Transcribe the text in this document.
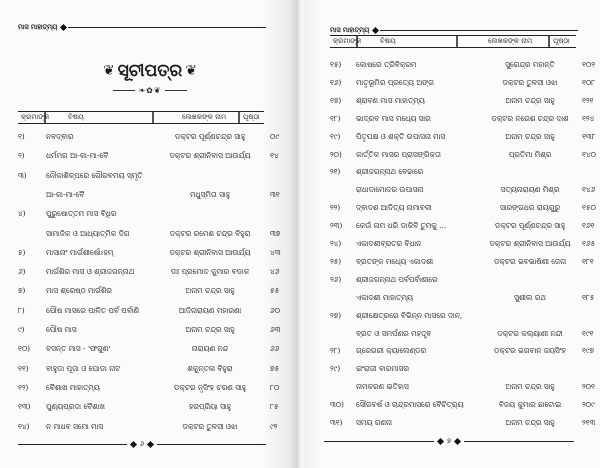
ମାସ ମାହାତ୍ମ୍ୟ
❦ ସୂଚୀପତ୍ର ❦
❧✿❦
କ୍ରମାଙ୍କ	ବିଷୟ	ଲେଖକଙ୍କ ନାମ	ପୃଷ୍ଠା
୧)	ନବଦ୍ଵାର	ଡକ୍ଟର ପୂର୍ଣ୍ଣଚନ୍ଦ୍ର ସାହୁ	୦୯
୨)	ଧର୍ମମର ଆ-କା-ମା-ବୈ	ଡକ୍ଟର ଶ୍ରୀନିବାସ ଆଉର୍ଯ୍ୟ	୧୪
୩)	ନୌକାଶିଳ୍ପରେ ଗୌରବମୟ ସ୍ମୃତି
ଆ-କା-ମା-ବୈ	ମଧୁସ୍ମିତା ସାହୁ	୩୧
୪)	ପୁରୁଷୋତ୍ତମ ମାସ ବିଧିର
ସାମାଜିକ ଓ ଆଧ୍ୟାତ୍ମିକ ଦିଗ	ଡକ୍ଟର ରମେଶ ଚନ୍ଦ୍ର ବିହୁରା	୩୭
୫)	ମାସାନାଂ ମାର୍ଗଶୀର୍ଷୋଽହମ୍	ଡକ୍ଟର ଶ୍ରୀନିବାସ ଆଉର୍ଯ୍ୟ	୪୩
୬)	ମାର୍ଗଶିର ମାସ ଓ ଶ୍ରୀଜଗନ୍ନାଥ	ଡଃ ପ୍ରମୋଦ କୁମାର ବଡାଳ	୪୬
୭)	ମାସ ଶ୍ରେଷ୍ଠ ମାର୍ଗଶିର	ଅନାମ ଚନ୍ଦ୍ର ସାହୁ	୫୫
୮)	ପୌଷ ମାସରେ ପାଳିତ ପର୍ବ ପର୍ବାଣି	ଆଦିନାରାୟଣ ମହାରଣା	୬୦
୯)	ପୌଷ ମାସ	ଅନାମ ଚନ୍ଦ୍ର ସାହୁ	୬୩
୧୦) ବସନ୍ତ ମାସ - 'ଫଗୁଣ'	ନାରାୟଣ ନନ୍ଦ	୬୬
୧୧) ବାହୁଡା ପୂଜା ଓ ଘୋଡା ନାଟ	ଶକୁନ୍ତଳା ବିହୁରା	୭୫
୧୨) ବୈଶାଖ ମାହାତ୍ମ୍ୟ	ଡକ୍ଟର ନୃସିଂହ ଚରଣ ସାହୁ	୮୦
୧୩) ପୁଣ୍ୟପ୍ରଦା ବୈଶାଖ	ହରପ୍ରିୟା ସାହୁ	୮୫
୧୪) ନ ମାଧବ ସମୋ ମାସ	ଡକ୍ଟର ତୁଳସୀ ଓଝା	୯୨
୬
ମାସ ମାହାତ୍ମ୍ୟ
କ୍ରମାଙ୍କ	ବିଷୟ	ଲେଖକଙ୍କ ନାମ	ପୃଷ୍ଠା
୧୫) କୋଷରେ ତ୍ରିବିକ୍ରମ	ସୁରେନ୍ଦ୍ର ମହାନ୍ତି	୧୦୨
୧୬) ମାତୃଭୂମିର ପ୍ରତ୍ୟେ ଅଙ୍ଗ	ଡକ୍ଟର ତୁଳସୀ ଓଝା	୧୦୮
୧୭) ଶ୍ରାବଣ ମାସ ମାହାତ୍ମ୍ୟ	ଅନାମ ଚନ୍ଦ୍ର ସାହୁ	୧୨୧
୧୮) ଭାଦ୍ରବ ମାସ ମଧ୍ୟେ ସାର	ଡକ୍ଟର ନରେଶ ଚନ୍ଦ୍ର ଦାଶ	୧୨୪
୧୯) ପିତୃପକ୍ଷ ଓ ଶକ୍ତି ଉପାସନା ମାସ	ଅନାମ ଚନ୍ଦ୍ର ସାହୁ	୧୩୮
୨୦) କାର୍ତ୍ତିକ ମାସର ପ୍ରାସଙ୍ଗିକତା	ପ୍ରତିମା ମିଶ୍ର	୧୪୦
୨୧) ଶ୍ରୀଜଗନ୍ନାଥ ବେଢାରେ
ରାଧାଦାମୋଦର ଉପାସନା	ସତ୍ୟନାରାୟଣ ମିଶ୍ର	୧୪୬
୨୨) ଦ୍ଵାଦଶ ଆଦିତ୍ୟ ନାମାବଳୀ	ସାରଙ୍ଗଧର ରାୟଗୁରୁ	୧୫୦
୨୩) କେଉଁ ନାମ ଧରି ଡାକିବି ତୁମକୁ ...	ଡକ୍ଟର ପୂର୍ଣ୍ଣଚନ୍ଦ୍ର ସାହୁ	୧୬୧
୨୪) ଏକାଦଶୀବ୍ରତର ବିଧାନ	ଡକ୍ଟର ଶ୍ରୀନିବାସ ଆଉର୍ଯ୍ୟ	୧୬୫
୨୫) ବ୍ରତଙ୍କ ମଧ୍ୟେ ଏକାଦଶୀ	ଡକ୍ଟର ଭବଭାଷିଣୀ ଜେନା	୧୮୧
୨୬) ଶ୍ରୀଜଗନ୍ନାଥ ପର୍ବପର୍ବାଣୀରେ
ଏକାଦଶୀ ମାହାତ୍ମ୍ୟ	ସୁଶୀଲ ରଥ	୧୮୫
୨୭) ଶ୍ରୀକ୍ଷେତ୍ରରେ ବିଭିନ୍ନ ମାସରେ ଦାନ,
ବ୍ରତ ଓ ସମର୍ପଣର ମହତ୍ତ୍ଵ	ଡକ୍ଟର କଲ୍ୟାଣୀ ନନ୍ଦୀ	୧୯୧
୨୮) ଗ୍ରେଗରୀ କ୍ୟାଲେଣ୍ଡର	ଡକ୍ଟର ଭଗବାନ ଜୟସିଂହ	୧୯୭
୨୯) ଇଂରାଜୀ ବାରମାସର
ନାମକରଣ ଇତିହାସ	ଅନାମ ଚନ୍ଦ୍ର ସାହୁ	୨୦୧
୩୦) ସୌରବର୍ଷ ଓ ଚାନ୍ଦ୍ରମାସରେ ବୈଚିତ୍ର୍ୟ	ବିଜୟ କୁମାର ଛାଟୋଇ	୨୦୯
୩୧) ସମୟ ଗଣନା	ଅନାମ ଚନ୍ଦ୍ର ସାହୁ	୨୧୩
୭
